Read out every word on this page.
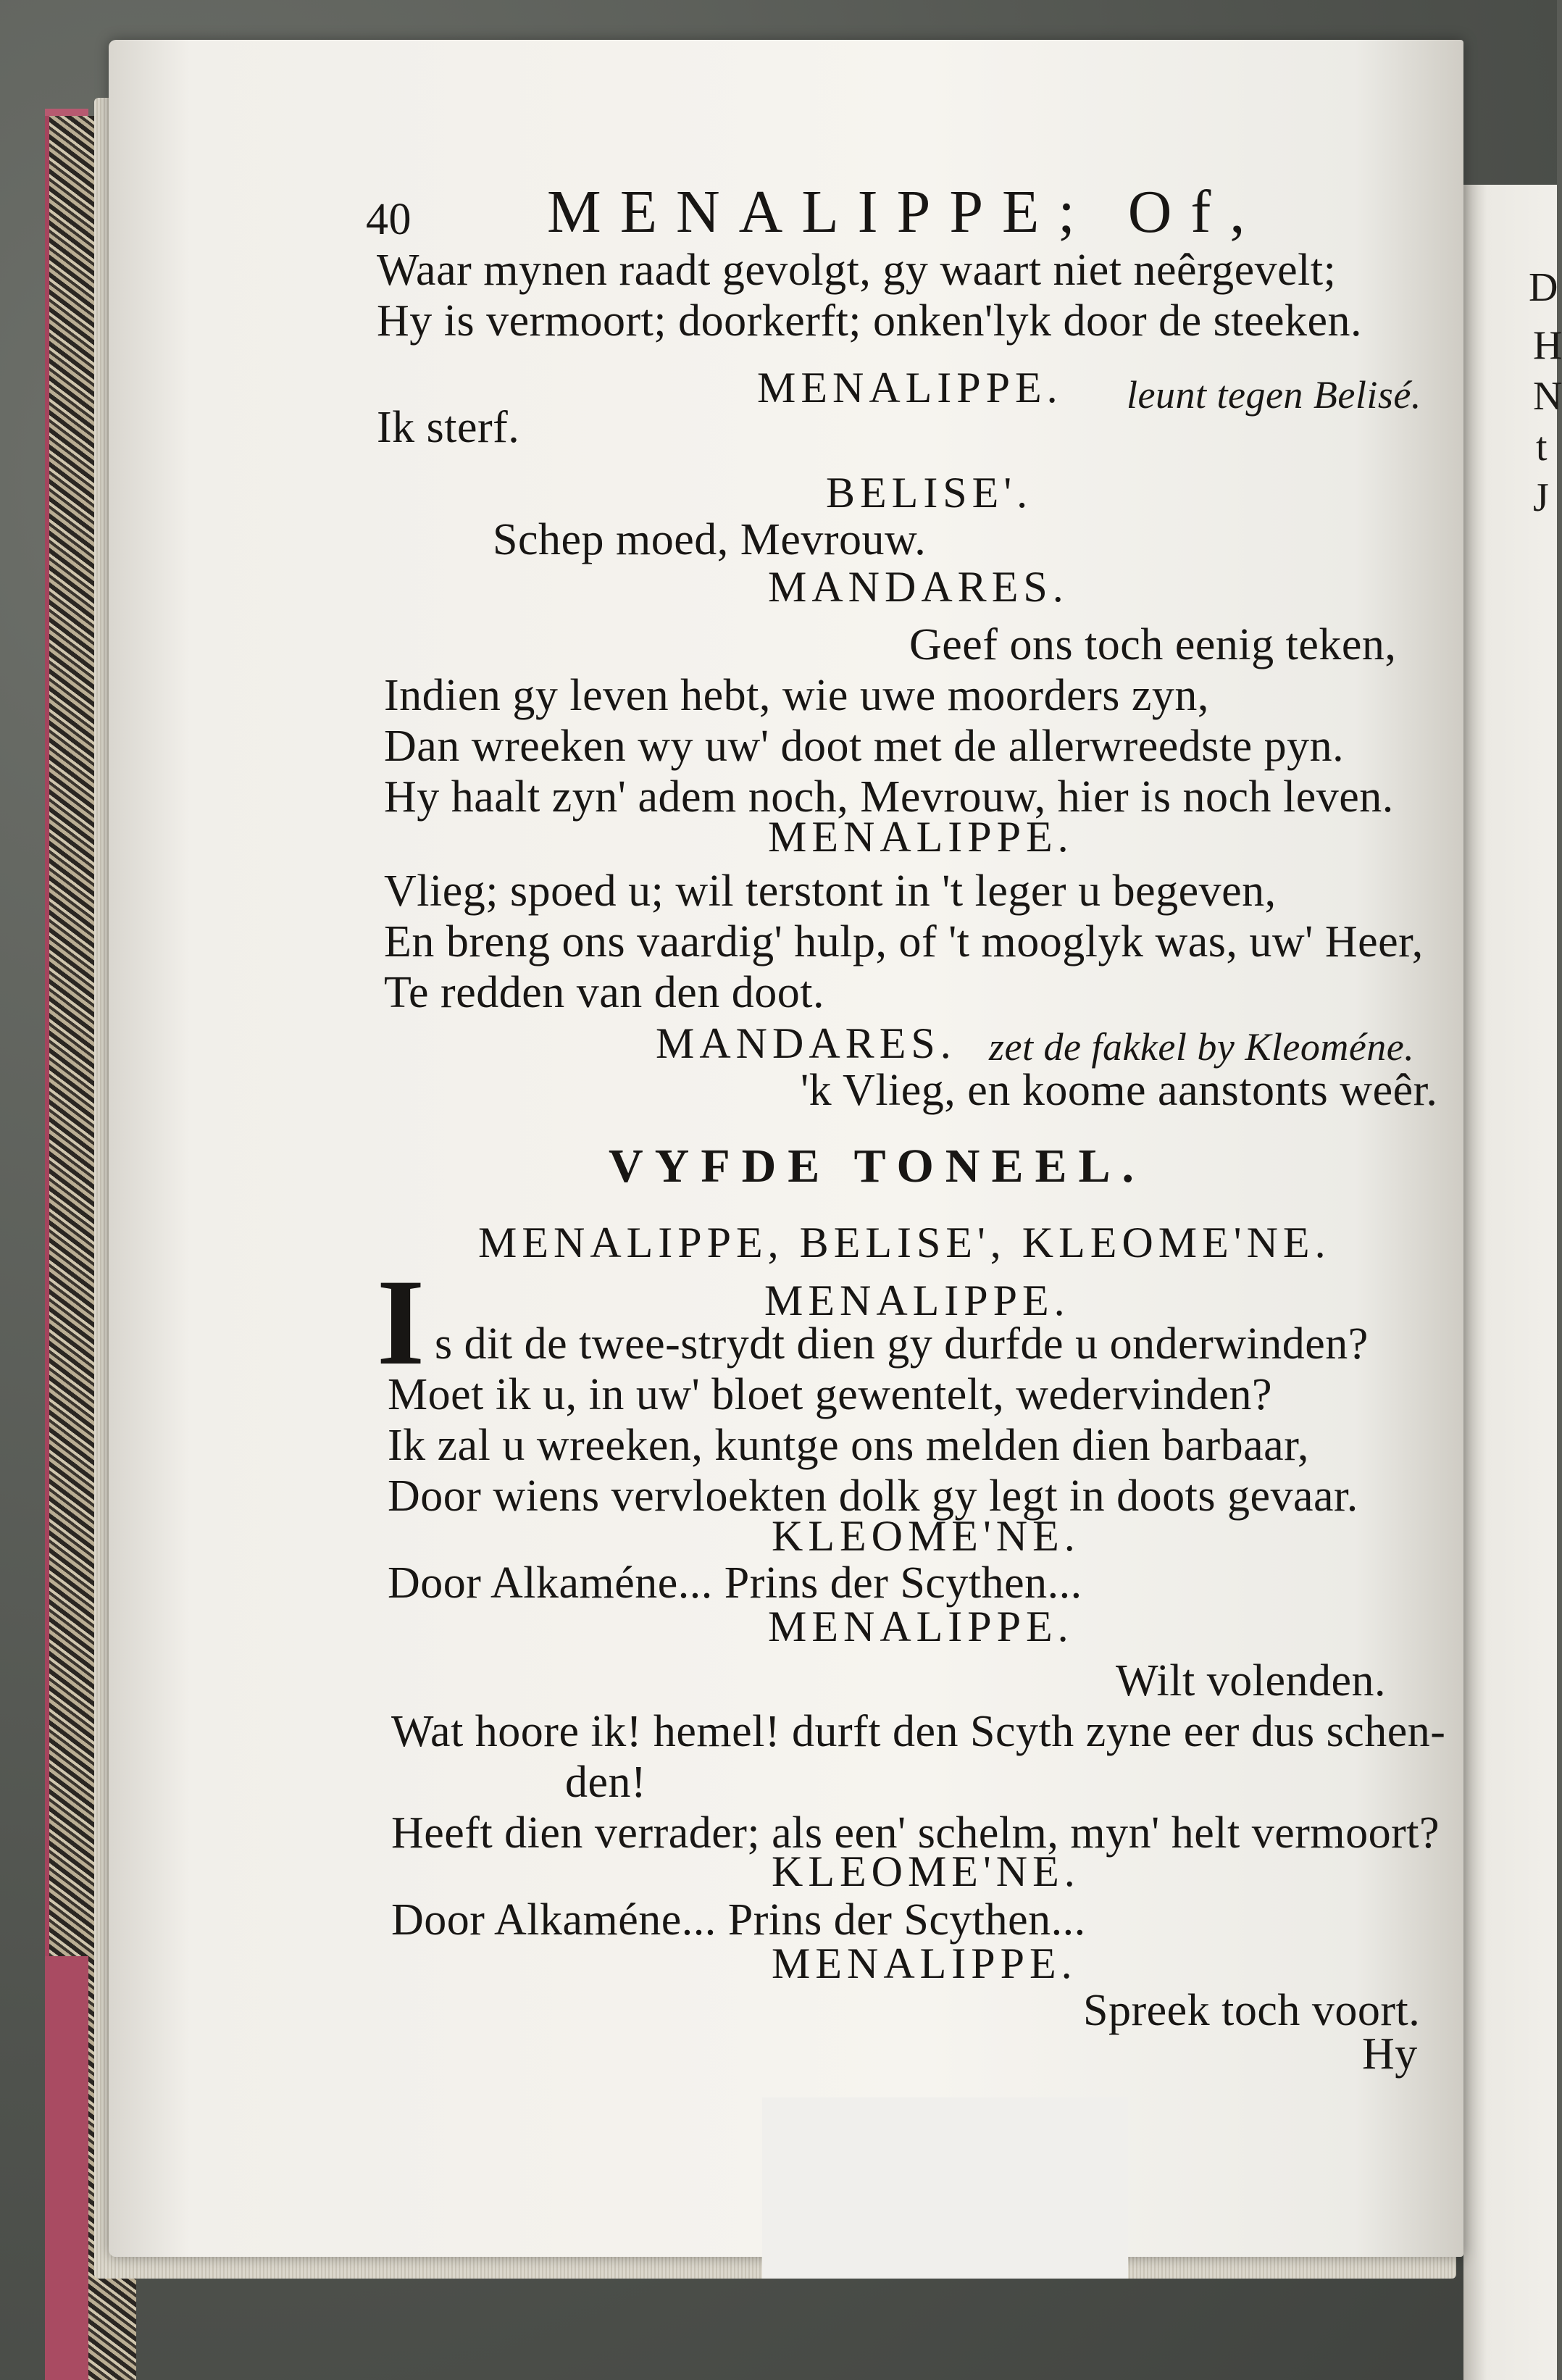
D
H
N
t
J
40 MENALIPPE; Of,
Waar mynen raadt gevolgt, gy waart niet neêrgevelt;
Hy is vermoort; doorkerft; onken'lyk door de steeken.
MENALIPPE. leunt tegen Belisé.
Ik sterf.
BELISE'.
Schep moed, Mevrouw.
MANDARES.
Geef ons toch eenig teken,
Indien gy leven hebt, wie uwe moorders zyn,
Dan wreeken wy uw' doot met de allerwreedste pyn.
Hy haalt zyn' adem noch, Mevrouw, hier is noch leven.
MENALIPPE.
Vlieg; spoed u; wil terstont in 't leger u begeven,
En breng ons vaardig' hulp, of 't mooglyk was, uw' Heer,
Te redden van den doot.
MANDARES. zet de fakkel by Kleoméne.
'k Vlieg, en koome aanstonts weêr.
VYFDE TONEEL.
MENALIPPE, BELISE', KLEOME'NE.
MENALIPPE.
I s dit de twee-strydt dien gy durfde u onderwinden?
Moet ik u, in uw' bloet gewentelt, wedervinden?
Ik zal u wreeken, kuntge ons melden dien barbaar,
Door wiens vervloekten dolk gy legt in doots gevaar.
KLEOME'NE.
Door Alkaméne... Prins der Scythen...
MENALIPPE.
Wilt volenden.
Wat hoore ik! hemel! durft den Scyth zyne eer dus schen-
den!
Heeft dien verrader; als een' schelm, myn' helt vermoort?
KLEOME'NE.
Door Alkaméne... Prins der Scythen...
MENALIPPE.
Spreek toch voort.
Hy
